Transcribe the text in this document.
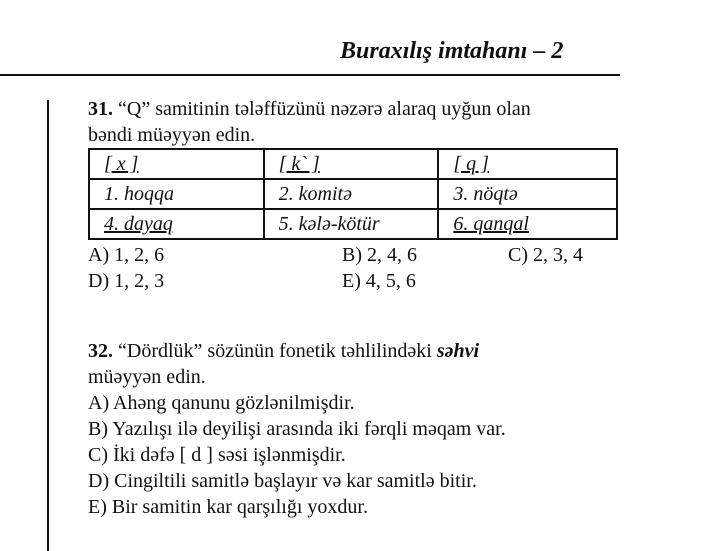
Buraxılış imtahanı – 2
31. “Q” samitinin tələffüzünü nəzərə alaraq uyğun olan
bəndi müəyyən edin.
[ x ]	[ k` ]	[ q ]
1. hoqqa	2. komitə	3. nöqtə
4. dayaq	5. kələ-kötür	6. qanqal
A) 1, 2, 6	B) 2, 4, 6	C) 2, 3, 4
D) 1, 2, 3	E) 4, 5, 6
32. “Dördlük” sözünün fonetik təhlilindəki səhvi
müəyyən edin.
A) Ahəng qanunu gözlənilmişdir.
B) Yazılışı ilə deyilişi arasında iki fərqli məqam var.
C) İki dəfə [ d ] səsi işlənmişdir.
D) Cingiltili samitlə başlayır və kar samitlə bitir.
E) Bir samitin kar qarşılığı yoxdur.
